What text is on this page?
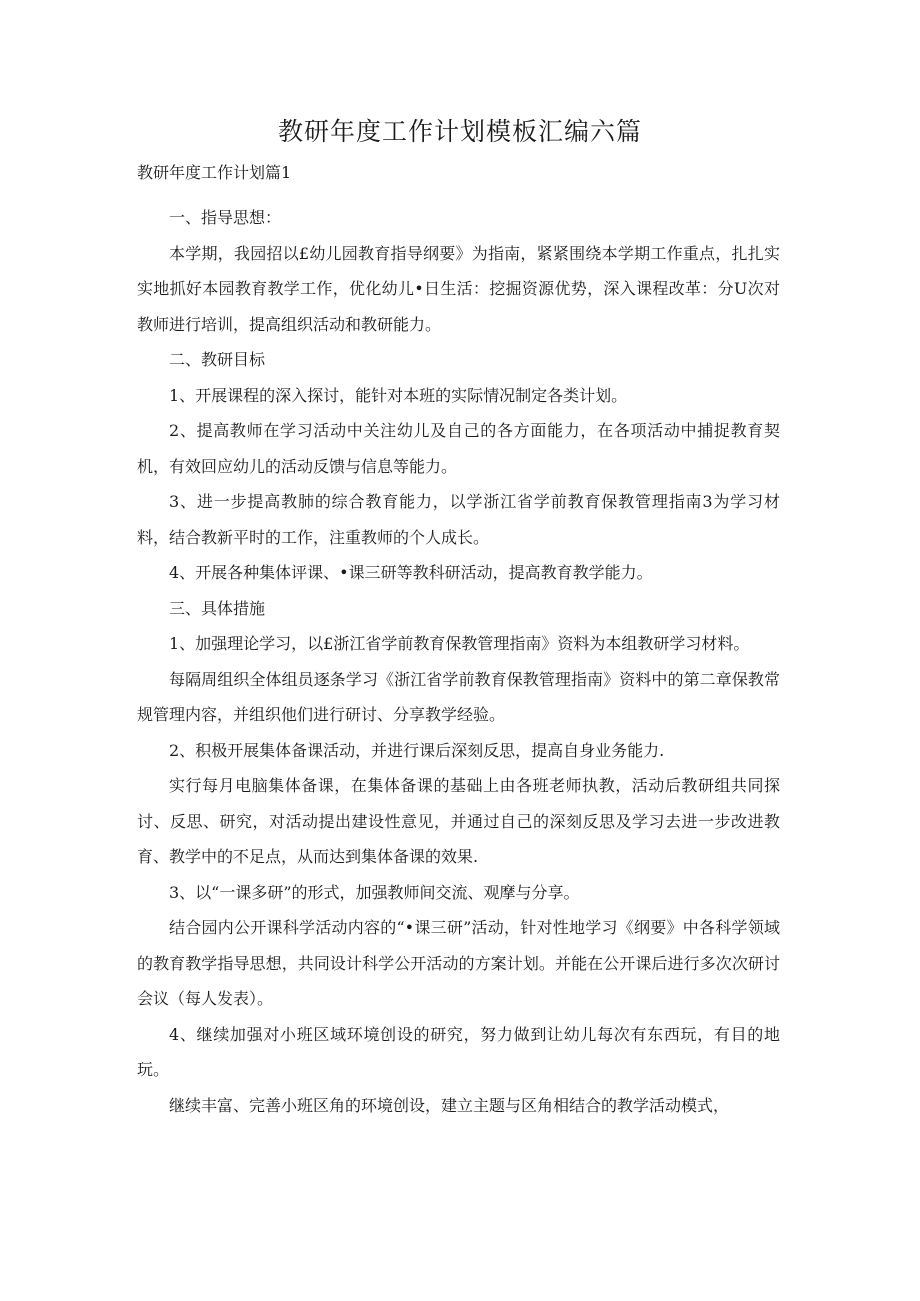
教研年度工作计划模板汇编六篇

教研年度工作计划篇1

一、指导思想：

本学期，我园招以£幼儿园教育指导纲要》为指南，紧紧围绕本学期工作重点，扎扎实实地抓好本园教育教学工作，优化幼儿•日生活：挖掘资源优势，深入课程改革：分U次对教师进行培训，提高组织活动和教研能力。

二、教研目标

1、开展课程的深入探讨，能针对本班的实际情况制定各类计划。

2、提高教师在学习活动中关注幼儿及自己的各方面能力，在各项活动中捕捉教育契机，有效回应幼儿的活动反馈与信息等能力。

3、进一步提高教肺的综合教育能力，以学浙江省学前教育保教管理指南3为学习材料，结合教新平时的工作，注重教师的个人成长。

4、开展各种集体评课、•课三研等教科研活动，提高教育教学能力。

三、具体措施

1、加强理论学习，以£浙江省学前教育保教管理指南》资料为本组教研学习材料。

每隔周组织全体组员逐条学习《浙江省学前教育保教管理指南》资料中的第二章保教常规管理内容，并组织他们进行研讨、分享教学经验。

2、积极开展集体备课活动，并进行课后深刻反思，提高自身业务能力.

实行每月电脑集体备课，在集体备课的基础上由各班老师执教，活动后教研组共同探讨、反思、研究，对活动提出建设性意见，并通过自己的深刻反思及学习去进一步改进教育、教学中的不足点，从而达到集体备课的效果.

3、以“一课多研”的形式，加强教师间交流、观摩与分享。

结合园内公开课科学活动内容的“•课三研”活动，针对性地学习《纲要》中各科学领域的教育教学指导思想，共同设计科学公开活动的方案计划。并能在公开课后进行多次次研讨会议（每人发表）。

4、继续加强对小班区域环境创设的研究，努力做到让幼儿每次有东西玩，有目的地玩。

继续丰富、完善小班区角的环境创设，建立主题与区角相结合的教学活动模式，
